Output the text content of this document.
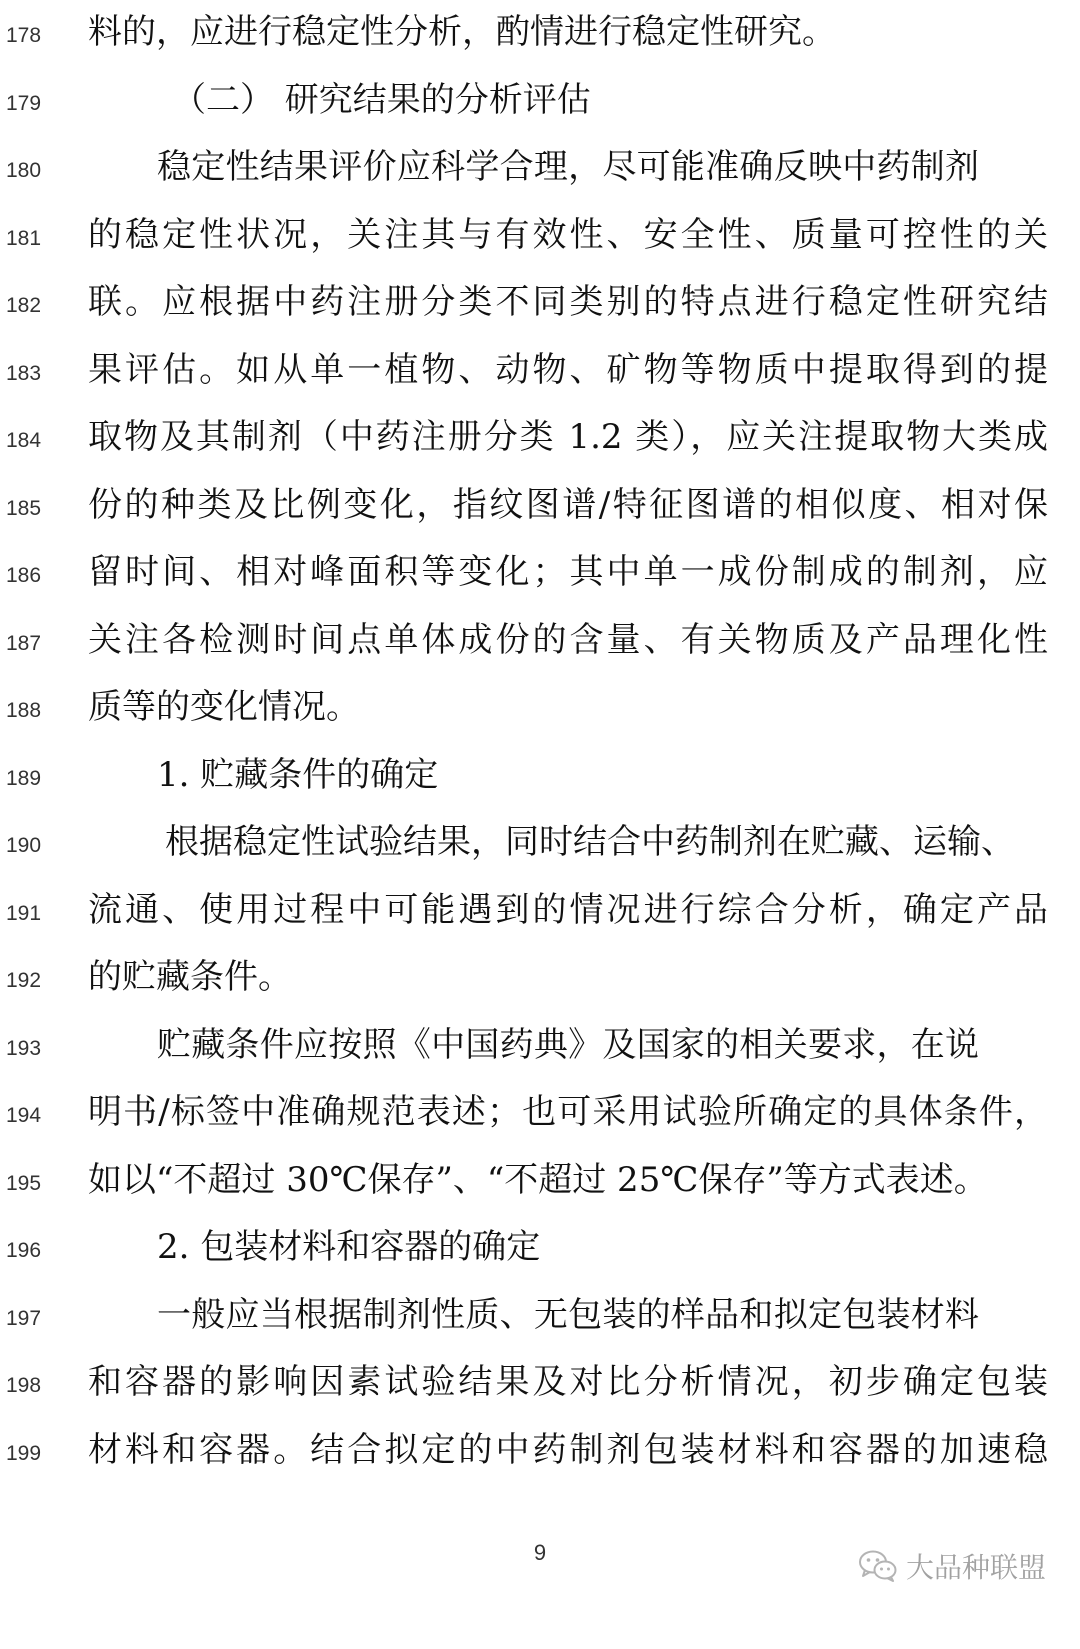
178	料的，应进行稳定性分析，酌情进行稳定性研究。
179	（二） 研究结果的分析评估
180	稳定性结果评价应科学合理，尽可能准确反映中药制剂
181	的稳定性状况，关注其与有效性、安全性、质量可控性的关
182	联。应根据中药注册分类不同类别的特点进行稳定性研究结
183	果评估。如从单一植物、动物、矿物等物质中提取得到的提
184	取物及其制剂（中药注册分类 1.2 类），应关注提取物大类成
185	份的种类及比例变化，指纹图谱/特征图谱的相似度、相对保
186	留时间、相对峰面积等变化；其中单一成份制成的制剂，应
187	关注各检测时间点单体成份的含量、有关物质及产品理化性
188	质等的变化情况。
189	1. 贮藏条件的确定
190	根据稳定性试验结果，同时结合中药制剂在贮藏、运输、
191	流通、使用过程中可能遇到的情况进行综合分析，确定产品
192	的贮藏条件。
193	贮藏条件应按照《中国药典》及国家的相关要求，在说
194	明书/标签中准确规范表述；也可采用试验所确定的具体条件，
195	如以“不超过 30℃保存”、“不超过 25℃保存”等方式表述。
196	2. 包装材料和容器的确定
197	一般应当根据制剂性质、无包装的样品和拟定包装材料
198	和容器的影响因素试验结果及对比分析情况，初步确定包装
199	材料和容器。结合拟定的中药制剂包装材料和容器的加速稳
9	大品种联盟
